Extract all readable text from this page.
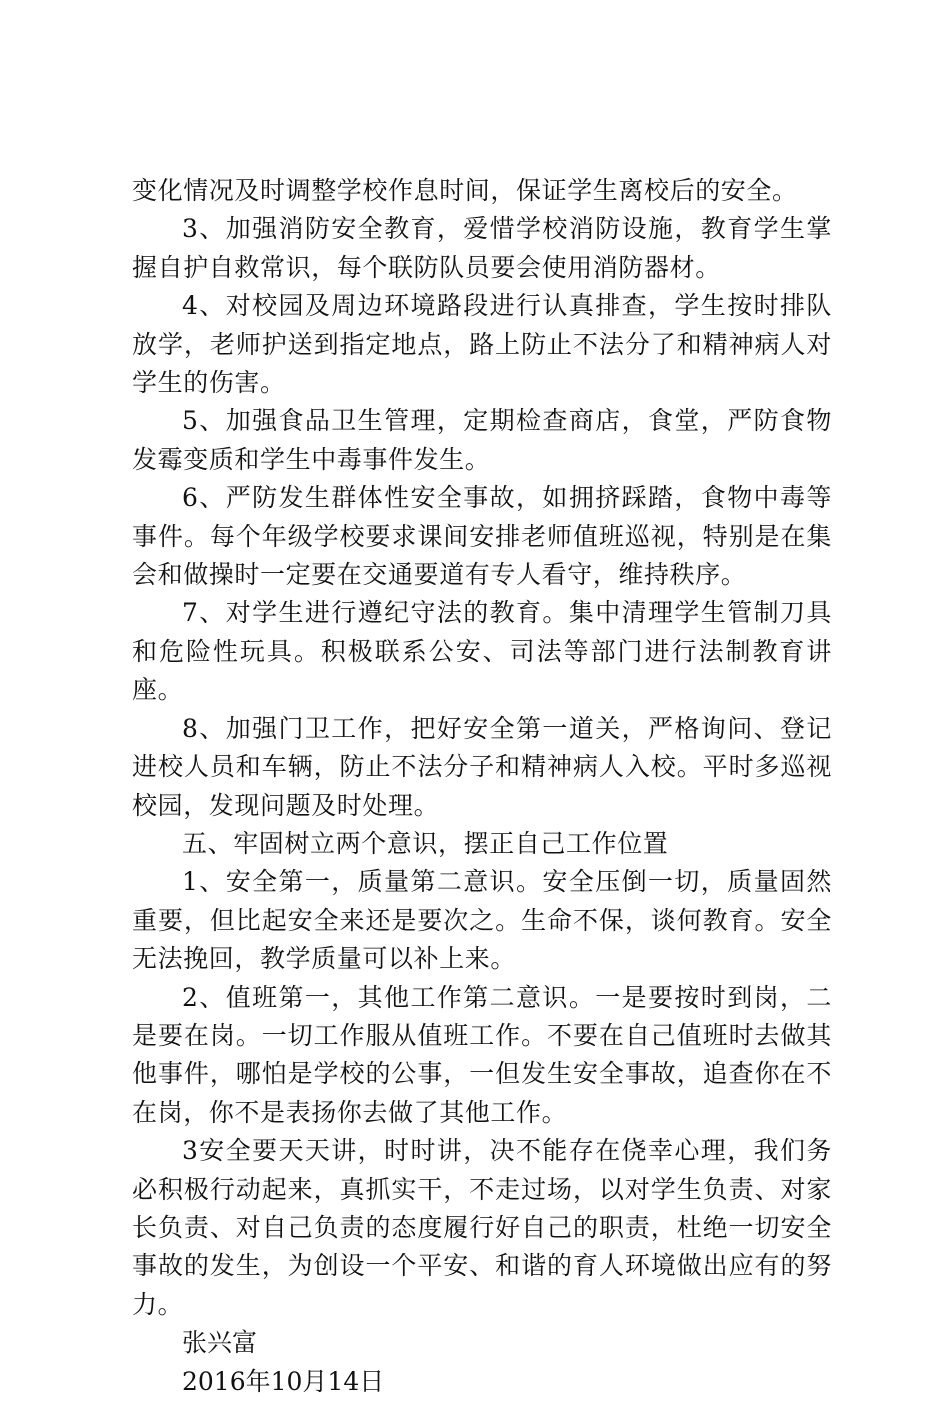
变化情况及时调整学校作息时间，保证学生离校后的安全。

3、加强消防安全教育，爱惜学校消防设施，教育学生掌握自护自救常识，每个联防队员要会使用消防器材。

4、对校园及周边环境路段进行认真排查，学生按时排队放学，老师护送到指定地点，路上防止不法分了和精神病人对学生的伤害。

5、加强食品卫生管理，定期检查商店，食堂，严防食物发霉变质和学生中毒事件发生。

6、严防发生群体性安全事故，如拥挤踩踏，食物中毒等事件。每个年级学校要求课间安排老师值班巡视，特别是在集会和做操时一定要在交通要道有专人看守，维持秩序。

7、对学生进行遵纪守法的教育。集中清理学生管制刀具和危险性玩具。积极联系公安、司法等部门进行法制教育讲座。

8、加强门卫工作，把好安全第一道关，严格询问、登记进校人员和车辆，防止不法分子和精神病人入校。平时多巡视校园，发现问题及时处理。

五、牢固树立两个意识，摆正自己工作位置

1、安全第一，质量第二意识。安全压倒一切，质量固然重要，但比起安全来还是要次之。生命不保，谈何教育。安全无法挽回，教学质量可以补上来。

2、值班第一，其他工作第二意识。一是要按时到岗，二是要在岗。一切工作服从值班工作。不要在自己值班时去做其他事件，哪怕是学校的公事，一但发生安全事故，追查你在不在岗，你不是表扬你去做了其他工作。

3安全要天天讲，时时讲，决不能存在侥幸心理，我们务必积极行动起来，真抓实干，不走过场，以对学生负责、对家长负责、对自己负责的态度履行好自己的职责，杜绝一切安全事故的发生，为创设一个平安、和谐的育人环境做出应有的努力。

张兴富

2016年10月14日
